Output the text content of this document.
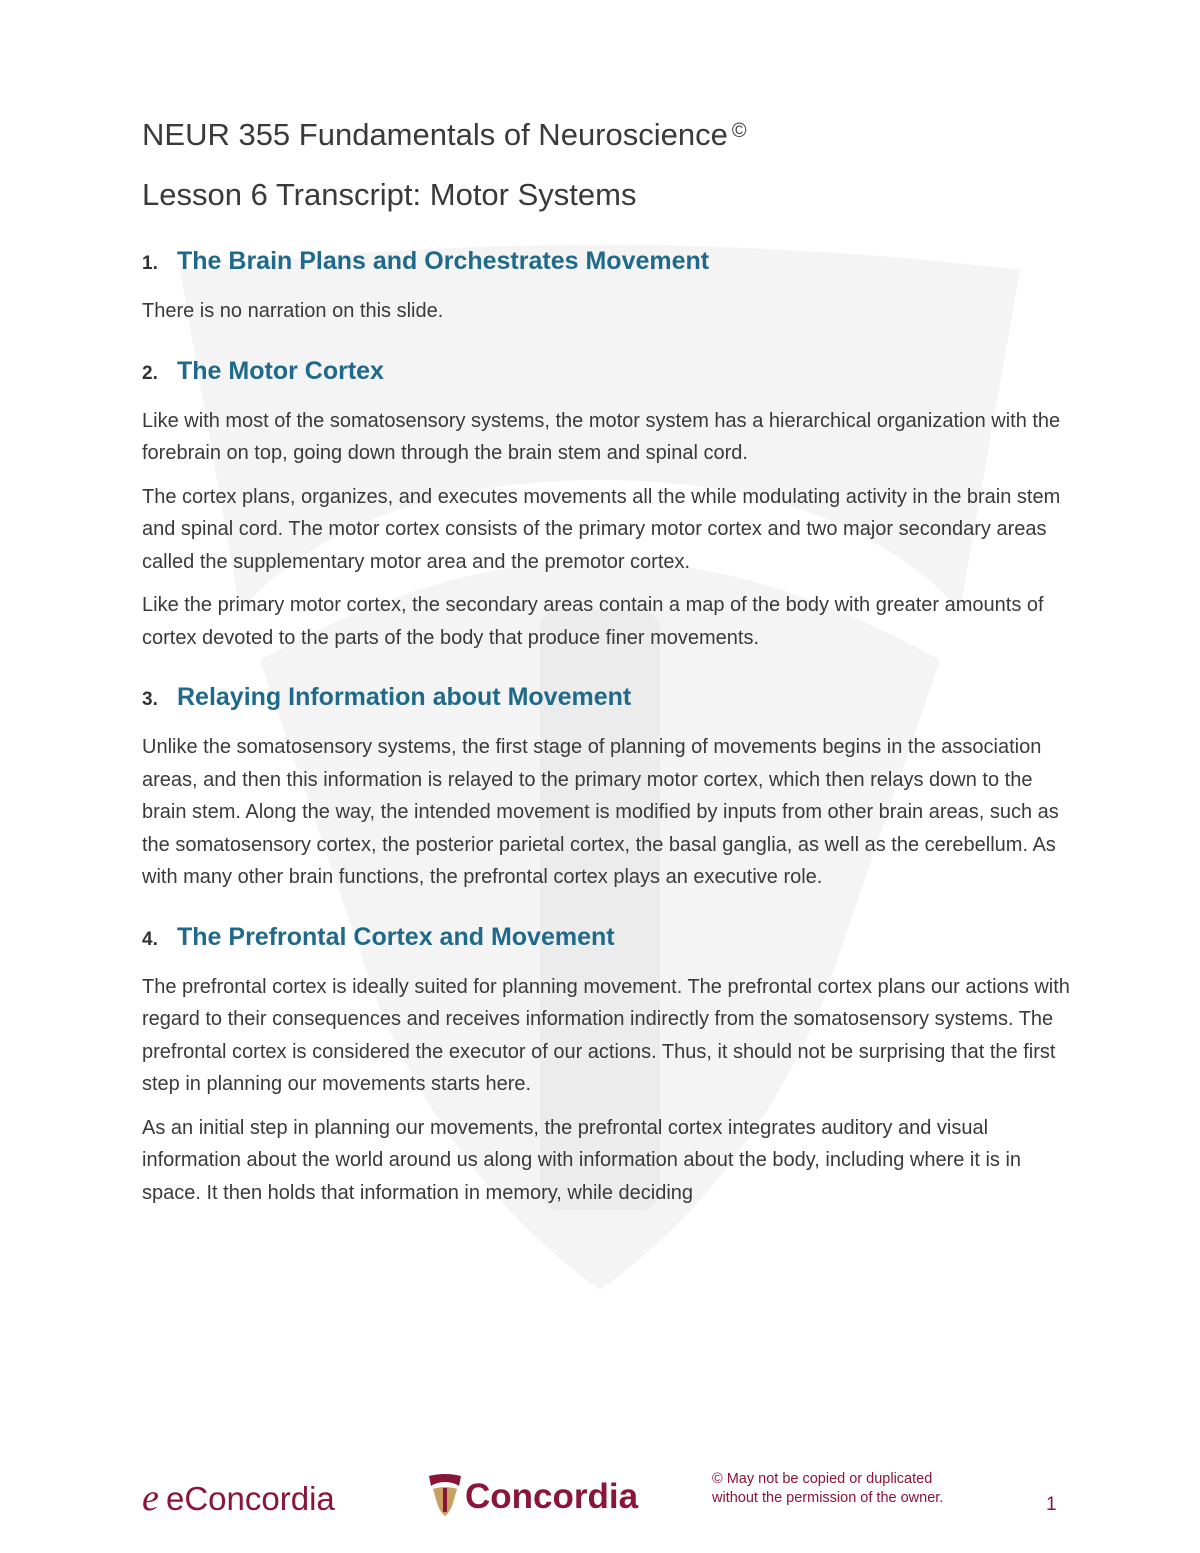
NEUR 355 Fundamentals of Neuroscience ©
Lesson 6 Transcript: Motor Systems
1. The Brain Plans and Orchestrates Movement

There is no narration on this slide.

2. The Motor Cortex

Like with most of the somatosensory systems, the motor system has a hierarchical organization with the forebrain on top, going down through the brain stem and spinal cord.

The cortex plans, organizes, and executes movements all the while modulating activity in the brain stem and spinal cord. The motor cortex consists of the primary motor cortex and two major secondary areas called the supplementary motor area and the premotor cortex.

Like the primary motor cortex, the secondary areas contain a map of the body with greater amounts of cortex devoted to the parts of the body that produce finer movements.

3. Relaying Information about Movement

Unlike the somatosensory systems, the first stage of planning of movements begins in the association areas, and then this information is relayed to the primary motor cortex, which then relays down to the brain stem. Along the way, the intended movement is modified by inputs from other brain areas, such as the somatosensory cortex, the posterior parietal cortex, the basal ganglia, as well as the cerebellum. As with many other brain functions, the prefrontal cortex plays an executive role.

4. The Prefrontal Cortex and Movement

The prefrontal cortex is ideally suited for planning movement. The prefrontal cortex plans our actions with regard to their consequences and receives information indirectly from the somatosensory systems. The prefrontal cortex is considered the executor of our actions. Thus, it should not be surprising that the first step in planning our movements starts here.

As an initial step in planning our movements, the prefrontal cortex integrates auditory and visual information about the world around us along with information about the body, including where it is in space. It then holds that information in memory, while deciding

e eConcordia	Concordia	© May not be copied or duplicated
without the permission of the owner.	1
